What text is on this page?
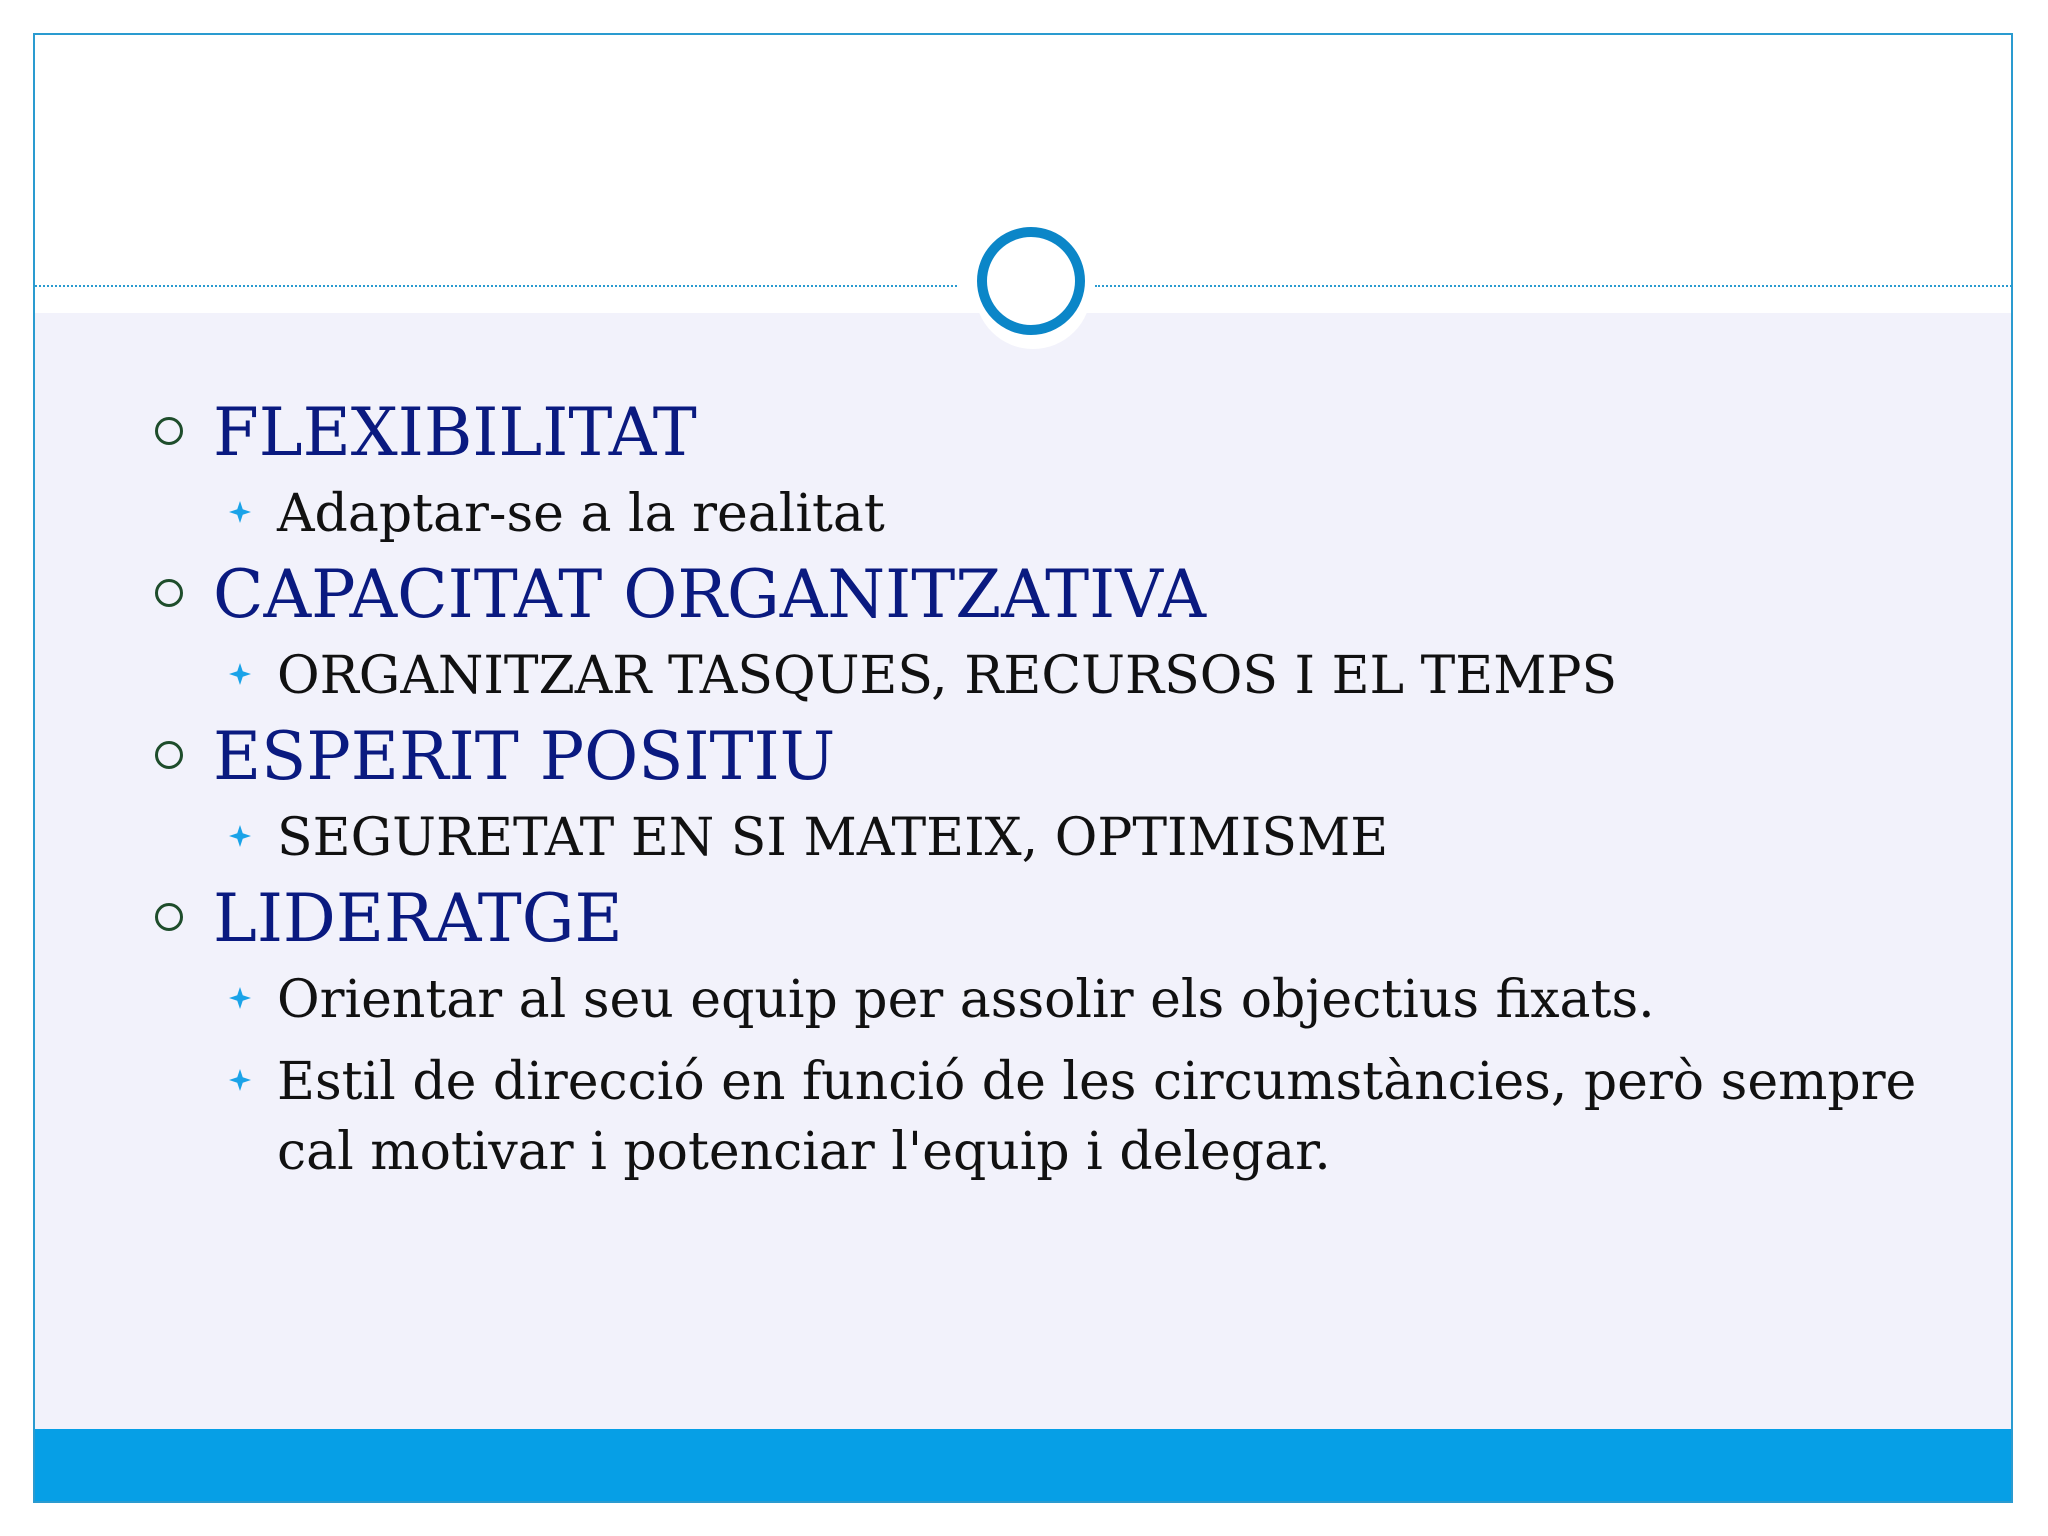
FLEXIBILITAT
Adaptar-se a la realitat
CAPACITAT ORGANITZATIVA
ORGANITZAR TASQUES, RECURSOS I EL TEMPS
ESPERIT POSITIU
SEGURETAT EN SI MATEIX, OPTIMISME
LIDERATGE
Orientar al seu equip per assolir els objectius fixats.
Estil de direcció en funció de les circumstàncies, però sempre cal motivar i potenciar l'equip i delegar.
